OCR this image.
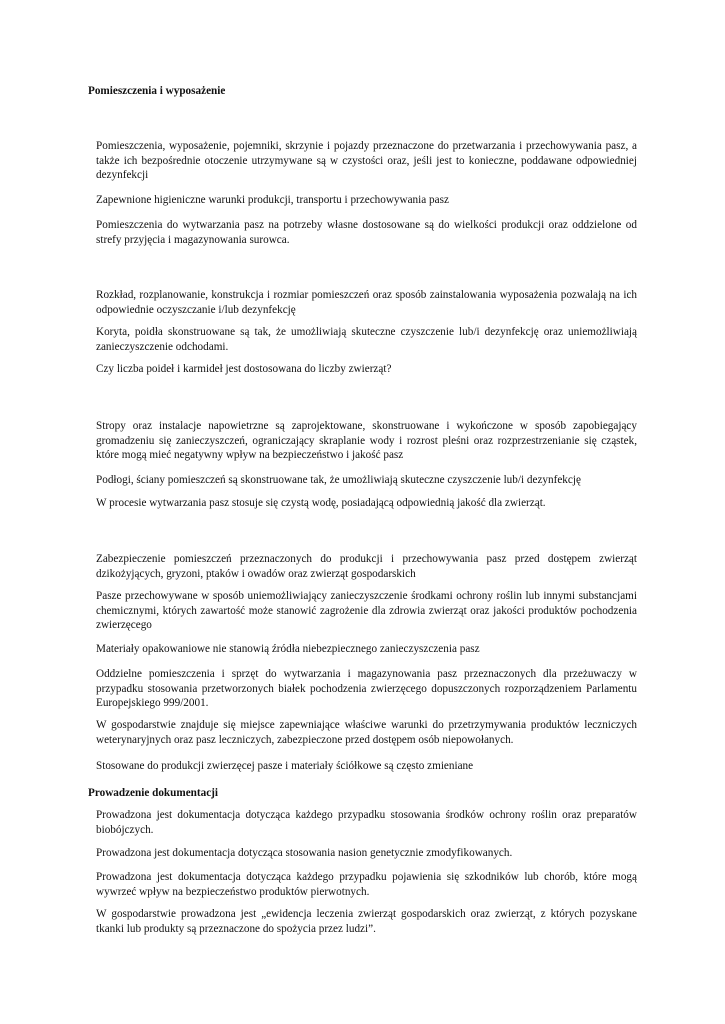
Pomieszczenia i wyposażenie

Pomieszczenia, wyposażenie, pojemniki, skrzynie i pojazdy przeznaczone do przetwarzania i przechowywania pasz, a także ich bezpośrednie otoczenie utrzymywane są w czystości oraz, jeśli jest to konieczne, poddawane odpowiedniej dezynfekcji

Zapewnione higieniczne warunki produkcji, transportu i przechowywania pasz

Pomieszczenia do wytwarzania pasz na potrzeby własne dostosowane są do wielkości produkcji oraz oddzielone od strefy przyjęcia i magazynowania surowca.

Rozkład, rozplanowanie, konstrukcja i rozmiar pomieszczeń oraz sposób zainstalowania wyposażenia pozwalają na ich odpowiednie oczyszczanie i/lub dezynfekcję

Koryta, poidła skonstruowane są tak, że umożliwiają skuteczne czyszczenie lub/i dezynfekcję oraz uniemożliwiają zanieczyszczenie odchodami.

Czy liczba poideł i karmideł jest dostosowana do liczby zwierząt?

Stropy oraz instalacje napowietrzne są zaprojektowane, skonstruowane i wykończone w sposób zapobiegający gromadzeniu się zanieczyszczeń, ograniczający skraplanie wody i rozrost pleśni oraz rozprzestrzenianie się cząstek, które mogą mieć negatywny wpływ na bezpieczeństwo i jakość pasz

Podłogi, ściany pomieszczeń są skonstruowane tak, że umożliwiają skuteczne czyszczenie lub/i dezynfekcję

W procesie wytwarzania pasz stosuje się czystą wodę, posiadającą odpowiednią jakość dla zwierząt.

Zabezpieczenie pomieszczeń przeznaczonych do produkcji i przechowywania pasz przed dostępem zwierząt dzikożyjących, gryzoni, ptaków i owadów oraz zwierząt gospodarskich

Pasze przechowywane w sposób uniemożliwiający zanieczyszczenie środkami ochrony roślin lub innymi substancjami chemicznymi, których zawartość może stanowić zagrożenie dla zdrowia zwierząt oraz jakości produktów pochodzenia zwierzęcego

Materiały opakowaniowe nie stanowią źródła niebezpiecznego zanieczyszczenia pasz

Oddzielne pomieszczenia i sprzęt do wytwarzania i magazynowania pasz przeznaczonych dla przeżuwaczy w przypadku stosowania przetworzonych białek pochodzenia zwierzęcego dopuszczonych rozporządzeniem Parlamentu Europejskiego 999/2001.

W gospodarstwie znajduje się miejsce zapewniające właściwe warunki do przetrzymywania produktów leczniczych weterynaryjnych oraz pasz leczniczych, zabezpieczone przed dostępem osób niepowołanych.

Stosowane do produkcji zwierzęcej pasze i materiały ściółkowe są często zmieniane

Prowadzenie dokumentacji

Prowadzona jest dokumentacja dotycząca każdego przypadku stosowania środków ochrony roślin oraz preparatów biobójczych.

Prowadzona jest dokumentacja dotycząca stosowania nasion genetycznie zmodyfikowanych.

Prowadzona jest dokumentacja dotycząca każdego przypadku pojawienia się szkodników lub chorób, które mogą wywrzeć wpływ na bezpieczeństwo produktów pierwotnych.

W gospodarstwie prowadzona jest „ewidencja leczenia zwierząt gospodarskich oraz zwierząt, z których pozyskane tkanki lub produkty są przeznaczone do spożycia przez ludzi”.
